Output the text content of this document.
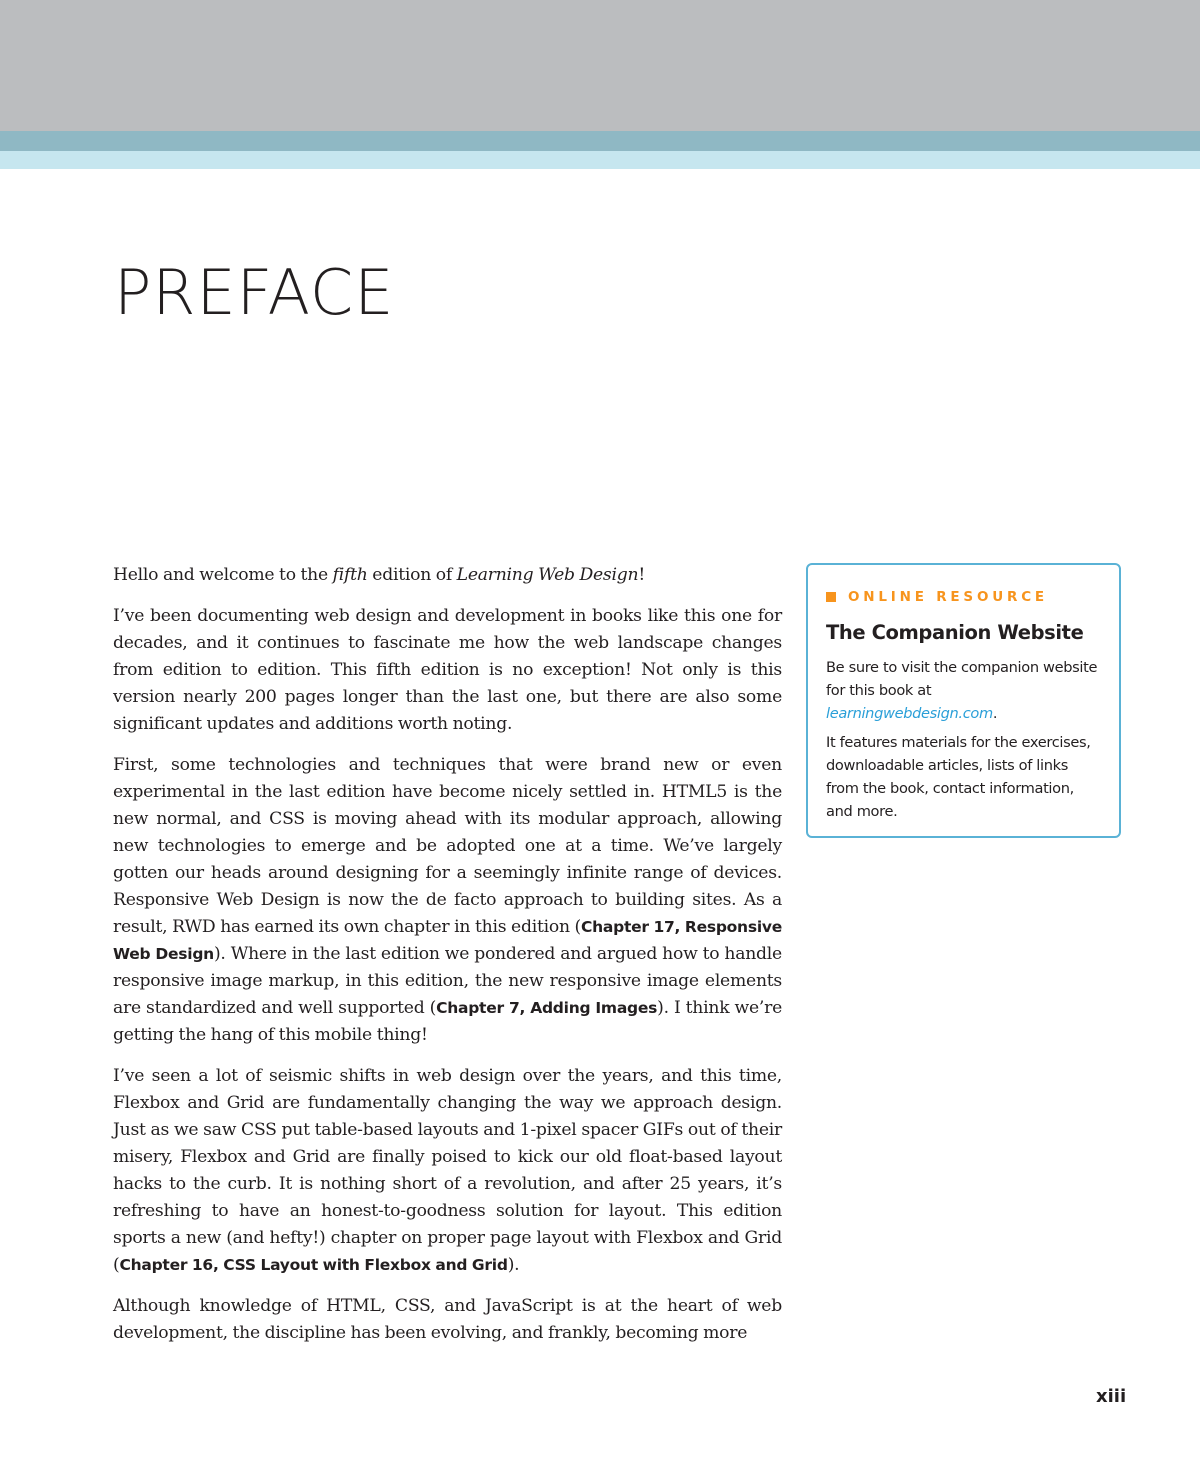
PREFACE

Hello and welcome to the fifth edition of Learning Web Design!

I’ve been documenting web design and development in books like this one for decades, and it continues to fascinate me how the web landscape changes from edition to edition. This fifth edition is no exception! Not only is this version nearly 200 pages longer than the last one, but there are also some significant updates and additions worth noting.

First, some technologies and techniques that were brand new or even experimental in the last edition have become nicely settled in. HTML5 is the new normal, and CSS is moving ahead with its modular approach, allowing new technologies to emerge and be adopted one at a time. We’ve largely gotten our heads around designing for a seemingly infinite range of devices. Responsive Web Design is now the de facto approach to building sites. As a result, RWD has earned its own chapter in this edition (Chapter 17, Responsive Web Design). Where in the last edition we pondered and argued how to handle responsive image markup, in this edition, the new responsive image elements are standardized and well supported (Chapter 7, Adding Images). I think we’re getting the hang of this mobile thing!

I’ve seen a lot of seismic shifts in web design over the years, and this time, Flexbox and Grid are fundamentally changing the way we approach design. Just as we saw CSS put table-based layouts and 1-pixel spacer GIFs out of their misery, Flexbox and Grid are finally poised to kick our old float-based layout hacks to the curb. It is nothing short of a revolution, and after 25 years, it’s refreshing to have an honest-to-goodness solution for layout. This edition sports a new (and hefty!) chapter on proper page layout with Flexbox and Grid (Chapter 16, CSS Layout with Flexbox and Grid).

Although knowledge of HTML, CSS, and JavaScript is at the heart of web development, the discipline has been evolving, and frankly, becoming more

ONLINE RESOURCE
The Companion Website

Be sure to visit the companion website for this book at learningwebdesign.com.

It features materials for the exercises, downloadable articles, lists of links from the book, contact information, and more.

xiii
